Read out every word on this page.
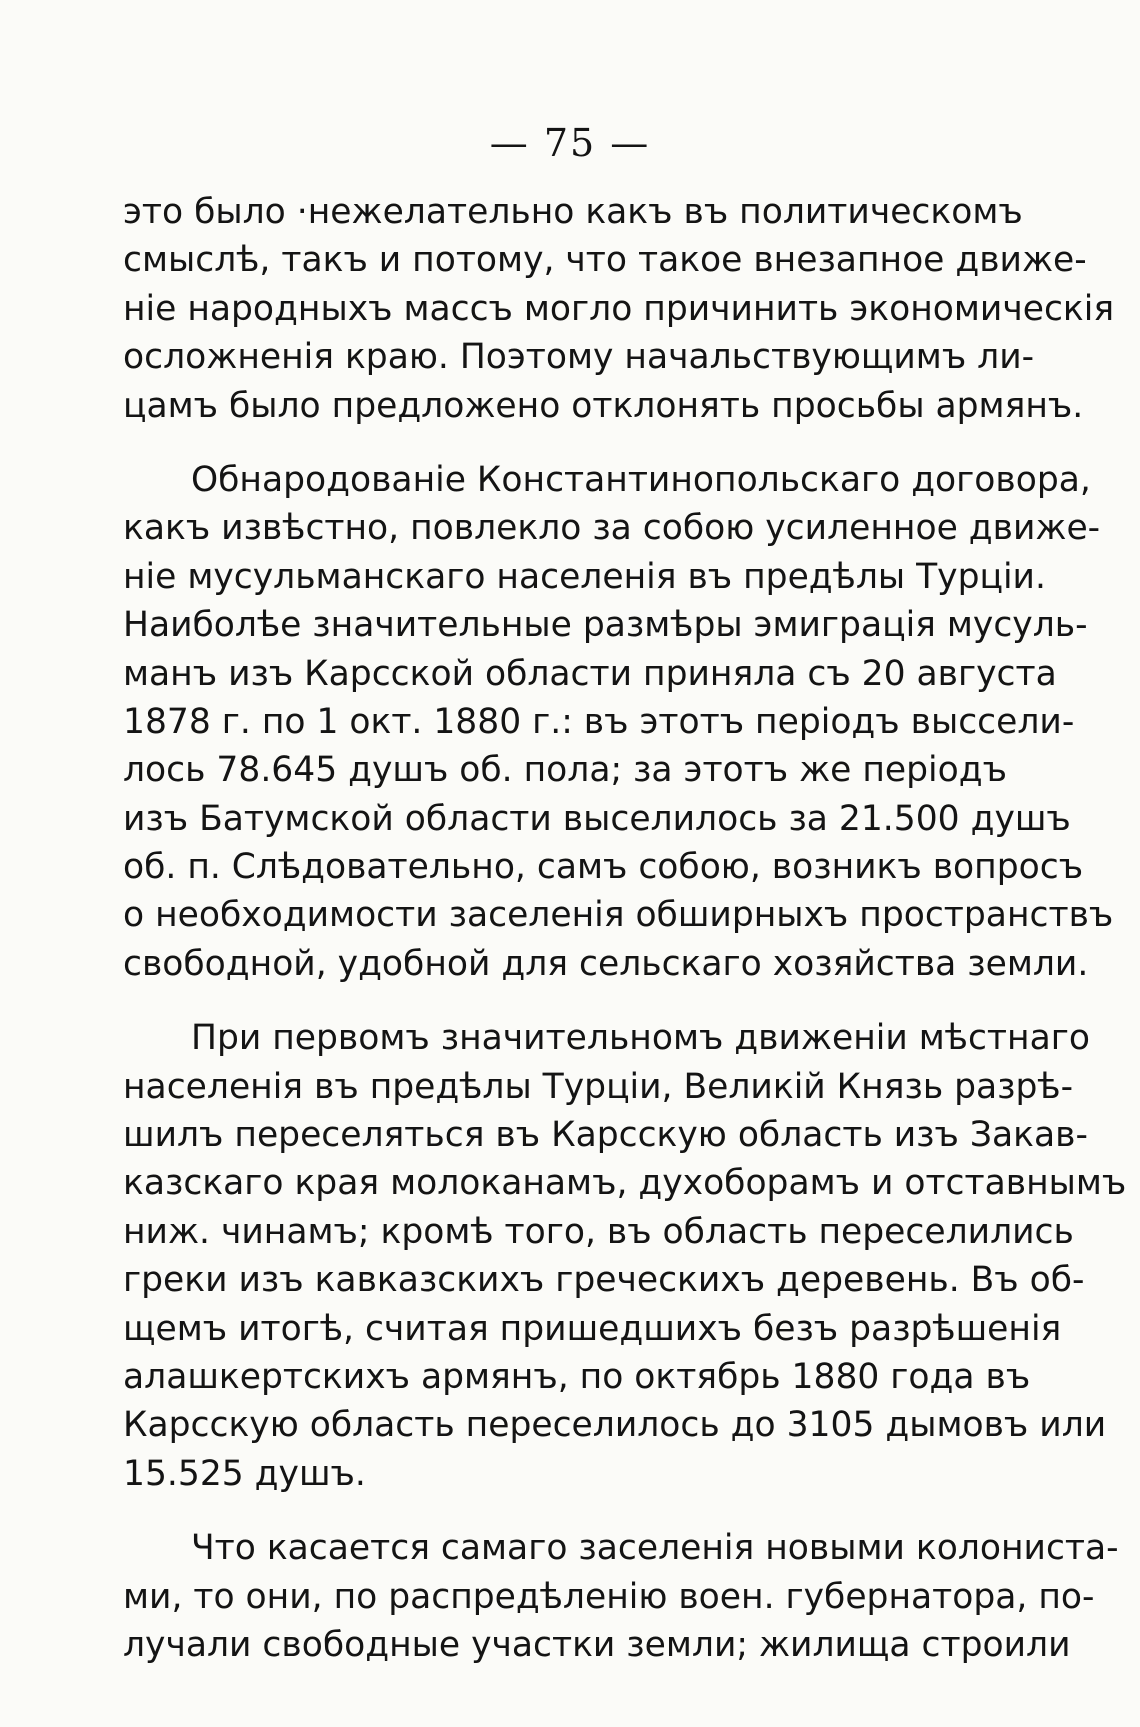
— 75 —
это было ·нежелательно какъ въ политическомъ
смыслѣ, такъ и потому, что такое внезапное движе-
ніе народныхъ массъ могло причинить экономическія
осложненія краю. Поэтому начальствующимъ ли-
цамъ было предложено отклонять просьбы армянъ.
Обнародованіе Константинопольскаго договора,
какъ извѣстно, повлекло за собою усиленное движе-
ніе мусульманскаго населенія въ предѣлы Турціи.
Наиболѣе значительные размѣры эмиграція мусуль-
манъ изъ Карсской области приняла съ 20 августа
1878 г. по 1 окт. 1880 г.: въ этотъ періодъ выссели-
лось 78.645 душъ об. пола; за этотъ же періодъ
изъ Батумской области выселилось за 21.500 душъ
об. п. Слѣдовательно, самъ собою, возникъ вопросъ
о необходимости заселенія обширныхъ пространствъ
свободной, удобной для сельскаго хозяйства земли.
При первомъ значительномъ движеніи мѣстнаго
населенія въ предѣлы Турціи, Великій Князь разрѣ-
шилъ переселяться въ Карсскую область изъ Закав-
казскаго края молоканамъ, духоборамъ и отставнымъ
ниж. чинамъ; кромѣ того, въ область переселились
греки изъ кавказскихъ греческихъ деревень. Въ об-
щемъ итогѣ, считая пришедшихъ безъ разрѣшенія
алашкертскихъ армянъ, по октябрь 1880 года въ
Карсскую область переселилось до 3105 дымовъ или
15.525 душъ.
Что касается самаго заселенія новыми колониста-
ми, то они, по распредѣленію воен. губернатора, по-
лучали свободные участки земли; жилища строили
